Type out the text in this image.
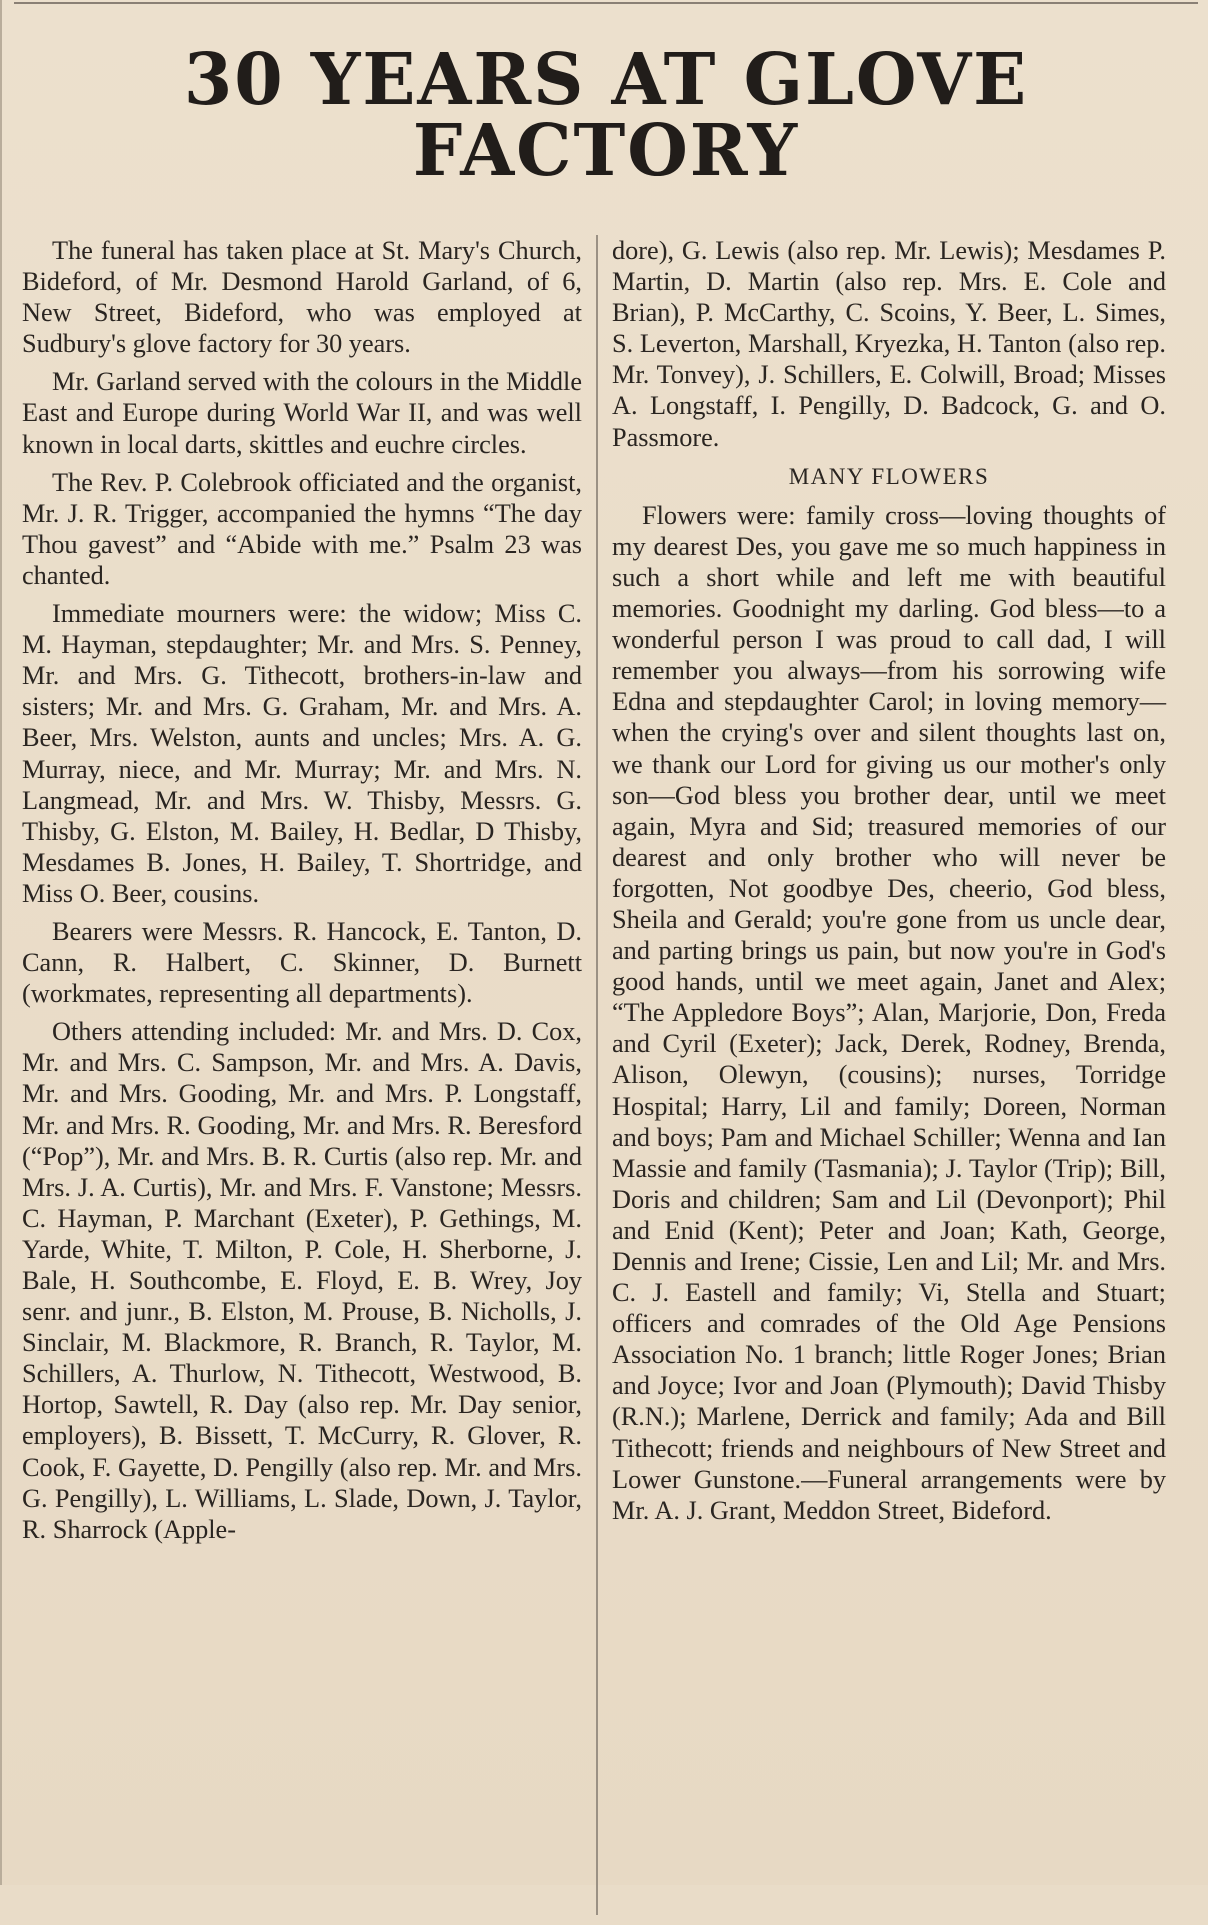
30 YEARS AT GLOVE FACTORY

The funeral has taken place at St. Mary's Church, Bideford, of Mr. Desmond Harold Garland, of 6, New Street, Bideford, who was employed at Sudbury's glove factory for 30 years.

Mr. Garland served with the colours in the Middle East and Europe during World War II, and was well known in local darts, skittles and euchre circles.

The Rev. P. Colebrook officiated and the organist, Mr. J. R. Trigger, accompanied the hymns “The day Thou gavest” and “Abide with me.” Psalm 23 was chanted.

Immediate mourners were: the widow; Miss C. M. Hayman, stepdaughter; Mr. and Mrs. S. Penney, Mr. and Mrs. G. Tithecott, brothers-in-law and sisters; Mr. and Mrs. G. Graham, Mr. and Mrs. A. Beer, Mrs. Welston, aunts and uncles; Mrs. A. G. Murray, niece, and Mr. Murray; Mr. and Mrs. N. Langmead, Mr. and Mrs. W. Thisby, Messrs. G. Thisby, G. Elston, M. Bailey, H. Bedlar, D Thisby, Mesdames B. Jones, H. Bailey, T. Shortridge, and Miss O. Beer, cousins.

Bearers were Messrs. R. Hancock, E. Tanton, D. Cann, R. Halbert, C. Skinner, D. Burnett (workmates, representing all departments).

Others attending included: Mr. and Mrs. D. Cox, Mr. and Mrs. C. Sampson, Mr. and Mrs. A. Davis, Mr. and Mrs. Gooding, Mr. and Mrs. P. Longstaff, Mr. and Mrs. R. Gooding, Mr. and Mrs. R. Beresford (“Pop”), Mr. and Mrs. B. R. Curtis (also rep. Mr. and Mrs. J. A. Curtis), Mr. and Mrs. F. Vanstone; Messrs. C. Hayman, P. Marchant (Exeter), P. Gethings, M. Yarde, White, T. Milton, P. Cole, H. Sherborne, J. Bale, H. Southcombe, E. Floyd, E. B. Wrey, Joy senr. and junr., B. Elston, M. Prouse, B. Nicholls, J. Sinclair, M. Blackmore, R. Branch, R. Taylor, M. Schillers, A. Thurlow, N. Tithecott, Westwood, B. Hortop, Sawtell, R. Day (also rep. Mr. Day senior, employers), B. Bissett, T. McCurry, R. Glover, R. Cook, F. Gayette, D. Pengilly (also rep. Mr. and Mrs. G. Pengilly), L. Williams, L. Slade, Down, J. Taylor, R. Sharrock (Apple-

dore), G. Lewis (also rep. Mr. Lewis); Mesdames P. Martin, D. Martin (also rep. Mrs. E. Cole and Brian), P. McCarthy, C. Scoins, Y. Beer, L. Simes, S. Leverton, Marshall, Kryezka, H. Tanton (also rep. Mr. Tonvey), J. Schillers, E. Colwill, Broad; Misses A. Longstaff, I. Pengilly, D. Badcock, G. and O. Passmore.

MANY FLOWERS

Flowers were: family cross—loving thoughts of my dearest Des, you gave me so much happiness in such a short while and left me with beautiful memories. Goodnight my darling. God bless—to a wonderful person I was proud to call dad, I will remember you always—from his sorrowing wife Edna and stepdaughter Carol; in loving memory—when the crying's over and silent thoughts last on, we thank our Lord for giving us our mother's only son—God bless you brother dear, until we meet again, Myra and Sid; treasured memories of our dearest and only brother who will never be forgotten, Not goodbye Des, cheerio, God bless, Sheila and Gerald; you're gone from us uncle dear, and parting brings us pain, but now you're in God's good hands, until we meet again, Janet and Alex; “The Appledore Boys”; Alan, Marjorie, Don, Freda and Cyril (Exeter); Jack, Derek, Rodney, Brenda, Alison, Olewyn, (cousins); nurses, Torridge Hospital; Harry, Lil and family; Doreen, Norman and boys; Pam and Michael Schiller; Wenna and Ian Massie and family (Tasmania); J. Taylor (Trip); Bill, Doris and children; Sam and Lil (Devonport); Phil and Enid (Kent); Peter and Joan; Kath, George, Dennis and Irene; Cissie, Len and Lil; Mr. and Mrs. C. J. Eastell and family; Vi, Stella and Stuart; officers and comrades of the Old Age Pensions Association No. 1 branch; little Roger Jones; Brian and Joyce; Ivor and Joan (Plymouth); David Thisby (R.N.); Marlene, Derrick and family; Ada and Bill Tithecott; friends and neighbours of New Street and Lower Gunstone.—Funeral arrangements were by Mr. A. J. Grant, Meddon Street, Bideford.
